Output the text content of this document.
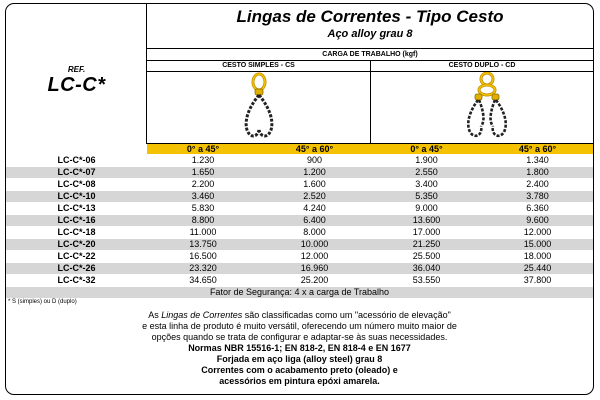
REF.
LC-C*
Lingas de Correntes - Tipo Cesto
Aço alloy grau 8
CARGA DE TRABALHO (kgf)
CESTO SIMPLES - CS	CESTO DUPLO - CD
0° a 45°	45° a 60°	0° a 45°	45° a 60°
LC-C*-06	1.230	900	1.900	1.340
LC-C*-07	1.650	1.200	2.550	1.800
LC-C*-08	2.200	1.600	3.400	2.400
LC-C*-10	3.460	2.520	5.350	3.780
LC-C*-13	5.830	4.240	9.000	6.360
LC-C*-16	8.800	6.400	13.600	9.600
LC-C*-18	11.000	8.000	17.000	12.000
LC-C*-20	13.750	10.000	21.250	15.000
LC-C*-22	16.500	12.000	25.500	18.000
LC-C*-26	23.320	16.960	36.040	25.440
LC-C*-32	34.650	25.200	53.550	37.800
Fator de Segurança: 4 x a carga de Trabalho
* S (simples) ou D (duplo)

As Lingas de Correntes são classificadas como um "acessório de elevação"

e esta linha de produto é muito versátil, oferecendo um número muito maior de

opções quando se trata de configurar e adaptar-se às suas necessidades.

Normas NBR 15516-1; EN 818-2, EN 818-4 e EN 1677

Forjada em aço liga (alloy steel) grau 8

Correntes com o acabamento preto (oleado) e

acessórios em pintura epóxi amarela.
